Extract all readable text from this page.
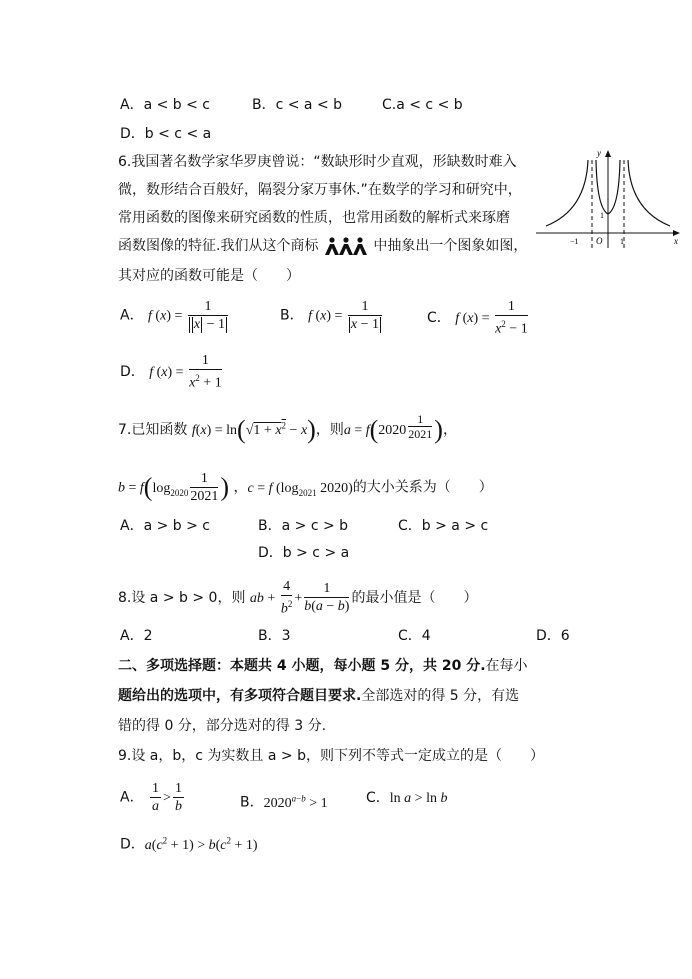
A．a < b < c	B．c < a < b	C.a < c < b
D．b < c < a
6.我国著名数学家华罗庚曾说：“数缺形时少直观，形缺数时难入
微，数形结合百般好，隔裂分家万事休.”在数学的学习和研究中，
常用函数的图像来研究函数的性质，也常用函数的解析式来琢磨
函数图像的特征.我们从这个商标	中抽象出一个图象如图，
其对应的函数可能是（　　）
y
x
O
1
−1	1
A． f $(x) = \frac{1}{x - 1}$	B． f $(x) = \frac{1}{x - 1}$	C． f $(x) = \frac{1}{x^2 - 1}$
D． f $(x) = \frac{1}{x^2 + 1}$
7.已知函数 $f(x) = \ln(√1 + x^2 - x)$，则a = f(2020 $^{\frac{1}{2021}}$ )，
$b = f(\log_{2020} \frac{1}{2021}$ ) ，c = f ($\log_{2021}$ 2020)的大小关系为（　　）
A．a > b > c	B．a > c > b	C．b > a > c
D．b > c > a
8.设 a > b > 0，则 ab + $\frac{4}{b^2} + \frac{1}{b(a - b)}$ 的最小值是（　　）
A．2	B．3	C．4	D．6
二、多项选择题：本题共 4 小题，每小题 5 分，共 20 分.在每小
题给出的选项中，有多项符合题目要求.全部选对的得 5 分，有选
错的得 0 分，部分选对的得 3 分.
9.设 a，b，c 为实数且 a > b，则下列不等式一定成立的是（　　）
A． $\frac{1}{a} > \frac{1}{b}$	B．$2020^{a-b} > 1$	C．ln a > ln b
D．$a(c^2 + 1) > b(c^2 + 1)$
